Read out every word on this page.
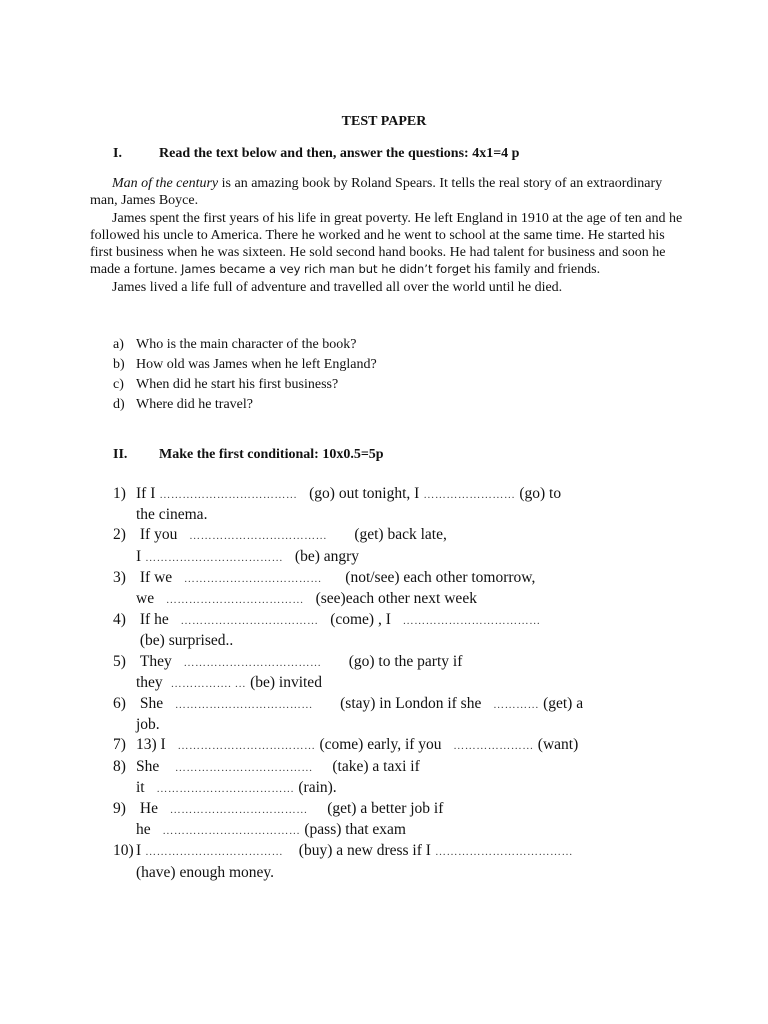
TEST PAPER
I.	Read the text below and then, answer the questions: 4x1=4 p

Man of the century is an amazing book by Roland Spears. It tells the real story of an extraordinary man, James Boyce.

James spent the first years of his life in great poverty. He left England in 1910 at the age of ten and he followed his uncle to America. There he worked and he went to school at the same time. He started his first business when he was sixteen. He sold second hand books. He had talent for business and soon he made a fortune. James became a vey rich man but he didn’t forget his family and friends.

James lived a life full of adventure and travelled all over the world until he died.

a) Who is the main character of the book?
b) How old was James when he left England?
c) When did he start his first business?
d) Where did he travel?
II. Make the first conditional: 10x0.5=5p
1) If I ……………………………… (go) out tonight, I …………………… (go) to
the cinema.
2) If you ……………………………… (get) back late,
I ……………………………… (be) angry
3) If we ……………………………… (not/see) each other tomorrow,
we ……………………………… (see)each other next week
4) If he ……………………………… (come) , I ………………………………
(be) surprised..
5) They ……………………………… (go) to the party if
they ……………. … (be) invited
6) She ……………………………… (stay) in London if she ………… (get) a
job.
7) 13) I ……………………………… (come) early, if you ………………… (want)
8) She ……………………………… (take) a taxi if
it ……………………………… (rain).
9) He ……………………………… (get) a better job if
he ……………………………… (pass) that exam
10) I ……………………………… (buy) a new dress if I ………………………………
(have) enough money.
